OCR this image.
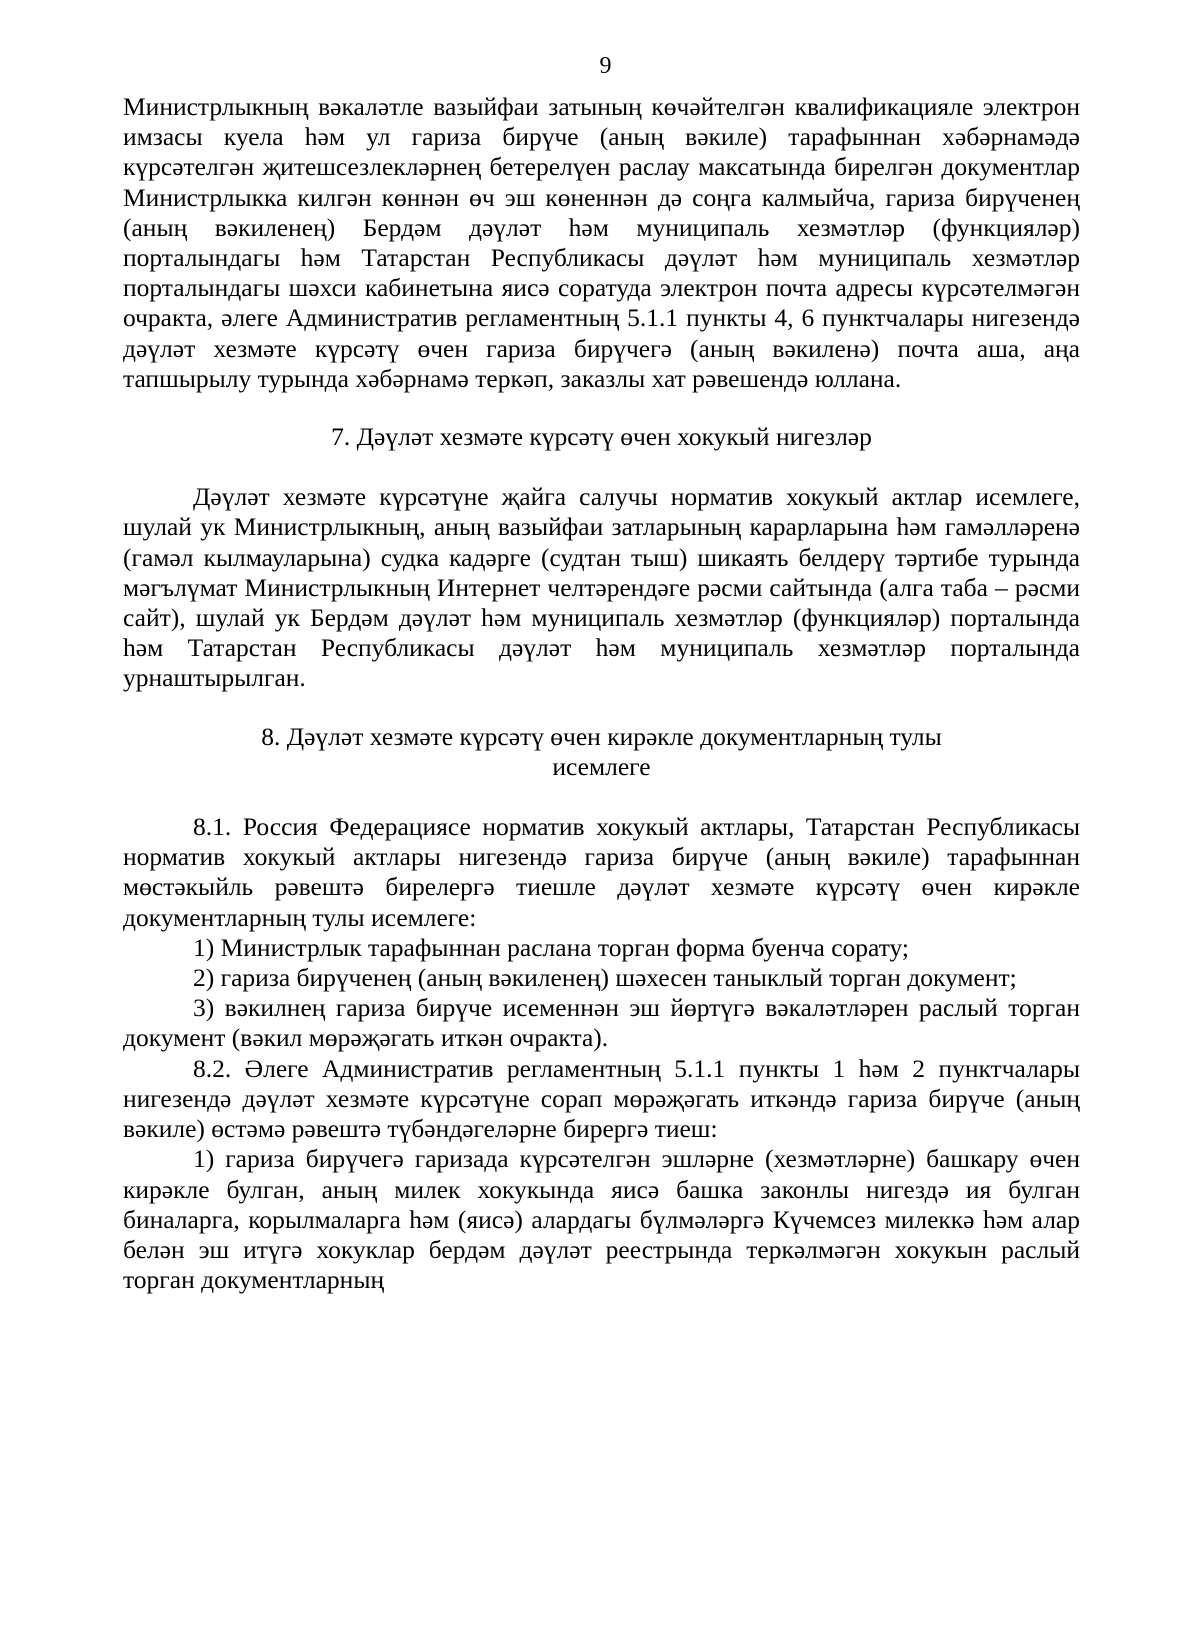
9

Министрлыкның вәкаләтле вазыйфаи затының көчәйтелгән квалификацияле электрон имзасы куела һәм ул гариза бирүче (аның вәкиле) тарафыннан хәбәрнамәдә күрсәтелгән җитешсезлекләрнең бетерелүен раслау максатында бирелгән документлар Министрлыкка килгән көннән өч эш көненнән дә соңга калмыйча, гариза бирүченең (аның вәкиленең) Бердәм дәүләт һәм муниципаль хезмәтләр (функцияләр) порталындагы һәм Татарстан Республикасы дәүләт һәм муниципаль хезмәтләр порталындагы шәхси кабинетына яисә соратуда электрон почта адресы күрсәтелмәгән очракта, әлеге Административ регламентның 5.1.1 пункты 4, 6 пунктчалары нигезендә дәүләт хезмәте күрсәтү өчен гариза бирүчегә (аның вәкиленә) почта аша, аңа тапшырылу турында хәбәрнамә теркәп, заказлы хат рәвешендә юллана.

7. Дәүләт хезмәте күрсәтү өчен хокукый нигезләр

Дәүләт хезмәте күрсәтүне җайга салучы норматив хокукый актлар исемлеге, шулай ук Министрлыкның, аның вазыйфаи затларының карарларына һәм гамәлләренә (гамәл кылмауларына) судка кадәрге (судтан тыш) шикаять белдерү тәртибе турында мәгълүмат Министрлыкның Интернет челтәрендәге рәсми сайтында (алга таба – рәсми сайт), шулай ук Бердәм дәүләт һәм муниципаль хезмәтләр (функцияләр) порталында һәм Татарстан Республикасы дәүләт һәм муниципаль хезмәтләр порталында урнаштырылган.

8. Дәүләт хезмәте күрсәтү өчен кирәкле документларның тулы
исемлеге

8.1. Россия Федерациясе норматив хокукый актлары, Татарстан Республикасы норматив хокукый актлары нигезендә гариза бирүче (аның вәкиле) тарафыннан мөстәкыйль рәвештә бирелергә тиешле дәүләт хезмәте күрсәтү өчен кирәкле документларның тулы исемлеге:

1) Министрлык тарафыннан раслана торган форма буенча сорату;

2) гариза бирүченең (аның вәкиленең) шәхесен таныклый торган документ;

3) вәкилнең гариза бирүче исеменнән эш йөртүгә вәкаләтләрен раслый торган документ (вәкил мөрәҗәгать иткән очракта).

8.2. Әлеге Административ регламентның 5.1.1 пункты 1 һәм 2 пунктчалары нигезендә дәүләт хезмәте күрсәтүне сорап мөрәҗәгать иткәндә гариза бирүче (аның вәкиле) өстәмә рәвештә түбәндәгеләрне бирергә тиеш:

1) гариза бирүчегә гаризада күрсәтелгән эшләрне (хезмәтләрне) башкару өчен кирәкле булган, аның милек хокукында яисә башка законлы нигездә ия булган биналарга, корылмаларга һәм (яисә) алардагы бүлмәләргә Күчемсез милеккә һәм алар белән эш итүгә хокуклар бердәм дәүләт реестрында теркәлмәгән хокукын раслый торган документларның
